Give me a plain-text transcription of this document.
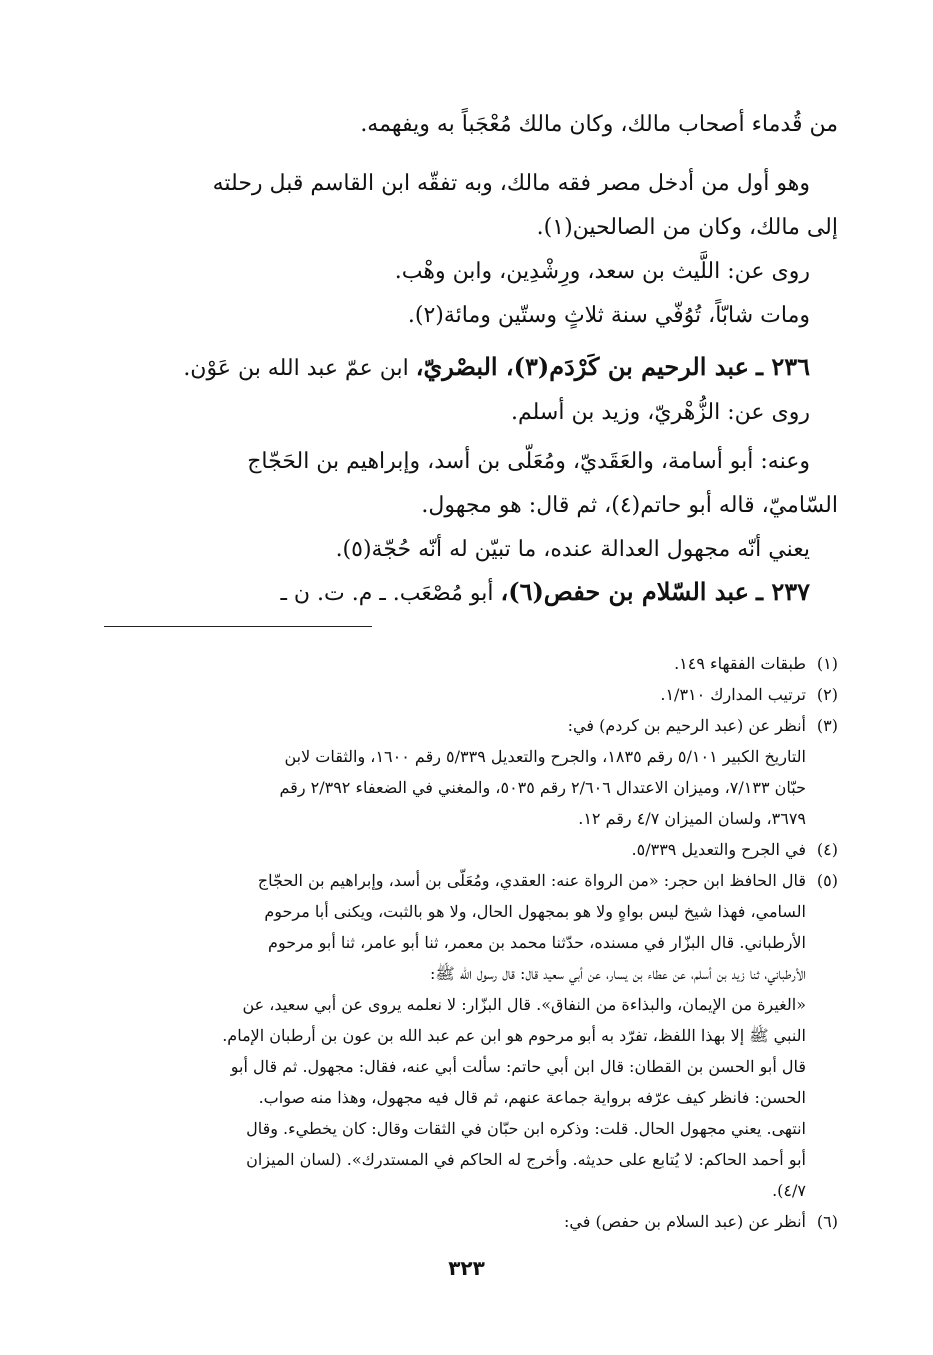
من قُدماء أصحاب مالك، وكان مالك مُعْجَباً به ويفهمه.
وهو أول من أدخل مصر فقه مالك، وبه تفقّه ابن القاسم قبل رحلته
إلى مالك، وكان من الصالحين(١).
روى عن: اللَّيث بن سعد، ورِشْدِين، وابن وهْب.
ومات شابّاً، تُوُفّي سنة ثلاثٍ وستّين ومائة(٢).
٢٣٦ ـ عبد الرحيم بن كَرْدَم(٣)، البصْريّ، ابن عمّ عبد الله بن عَوْن.
روى عن: الزُّهْريّ، وزيد بن أسلم.
وعنه: أبو أسامة، والعَقَديّ، ومُعَلّى بن أسد، وإبراهيم بن الحَجّاج
السّاميّ، قاله أبو حاتم(٤)، ثم قال: هو مجهول.
يعني أنّه مجهول العدالة عنده، ما تبيّن له أنّه حُجّة(٥).
٢٣٧ ـ عبد السّلام بن حفص(٦)، أبو مُصْعَب. ـ م. ت. ن ـ
(١)
طبقات الفقهاء ١٤٩.
(٢)
ترتيب المدارك ١/٣١٠.
(٣)
أنظر عن (عبد الرحيم بن كردم) في:
التاريخ الكبير ٥/١٠١ رقم ١٨٣٥، والجرح والتعديل ٥/٣٣٩ رقم ١٦٠٠، والثقات لابن
حبّان ٧/١٣٣، وميزان الاعتدال ٢/٦٠٦ رقم ٥٠٣٥، والمغني في الضعفاء ٢/٣٩٢ رقم
٣٦٧٩، ولسان الميزان ٤/٧ رقم ١٢.
(٤)
في الجرح والتعديل ٥/٣٣٩.
(٥)
قال الحافظ ابن حجر: «من الرواة عنه: العقدي، ومُعَلّى بن أسد، وإبراهيم بن الحجّاج
السامي، فهذا شيخ ليس بواهٍ ولا هو بمجهول الحال، ولا هو بالثبت، ويكنى أبا مرحوم
الأرطباني. قال البزّار في مسنده، حدّثنا محمد بن معمر، ثنا أبو عامر، ثنا أبو مرحوم
الأرطباني، ثنا زيد بن أسلم، عن عطاء بن يسار، عن أبي سعيد قال: قال رسول الله ﷺ:
«الغيرة من الإيمان، والبذاءة من النفاق». قال البزّار: لا نعلمه يروى عن أبي سعيد، عن
النبي ﷺ إلا بهذا اللفظ، تفرّد به أبو مرحوم هو ابن عم عبد الله بن عون بن أرطبان الإمام.
قال أبو الحسن بن القطان: قال ابن أبي حاتم: سألت أبي عنه، فقال: مجهول. ثم قال أبو
الحسن: فانظر كيف عرّفه برواية جماعة عنهم، ثم قال فيه مجهول، وهذا منه صواب.
انتهى. يعني مجهول الحال. قلت: وذكره ابن حبّان في الثقات وقال: كان يخطيء. وقال
أبو أحمد الحاكم: لا يُتابع على حديثه. وأخرج له الحاكم في المستدرك». (لسان الميزان
٤/٧).
(٦)
أنظر عن (عبد السلام بن حفص) في:
٣٢٣
